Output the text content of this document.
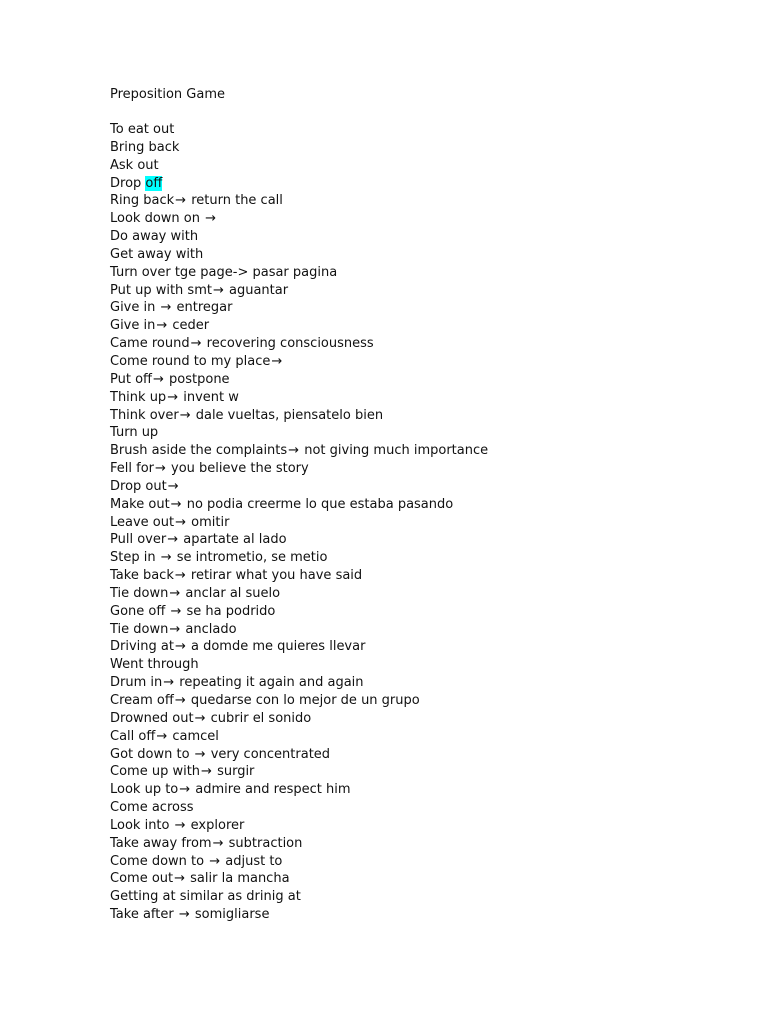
Preposition Game
To eat out
Bring back
Ask out
Drop off
Ring back→ return the call
Look down on →
Do away with
Get away with
Turn over tge page-> pasar pagina
Put up with smt→ aguantar
Give in → entregar
Give in→ ceder
Came round→ recovering consciousness
Come round to my place→
Put off→ postpone
Think up→ invent w
Think over→ dale vueltas, piensatelo bien
Turn up
Brush aside the complaints→ not giving much importance
Fell for→ you believe the story
Drop out→
Make out→ no podia creerme lo que estaba pasando
Leave out→ omitir
Pull over→ apartate al lado
Step in → se intrometio, se metio
Take back→ retirar what you have said
Tie down→ anclar al suelo
Gone off → se ha podrido
Tie down→ anclado
Driving at→ a domde me quieres llevar
Went through
Drum in→ repeating it again and again
Cream off→ quedarse con lo mejor de un grupo
Drowned out→ cubrir el sonido
Call off→ camcel
Got down to → very concentrated
Come up with→ surgir
Look up to→ admire and respect him
Come across
Look into → explorer
Take away from→ subtraction
Come down to → adjust to
Come out→ salir la mancha
Getting at similar as drinig at
Take after → somigliarse
